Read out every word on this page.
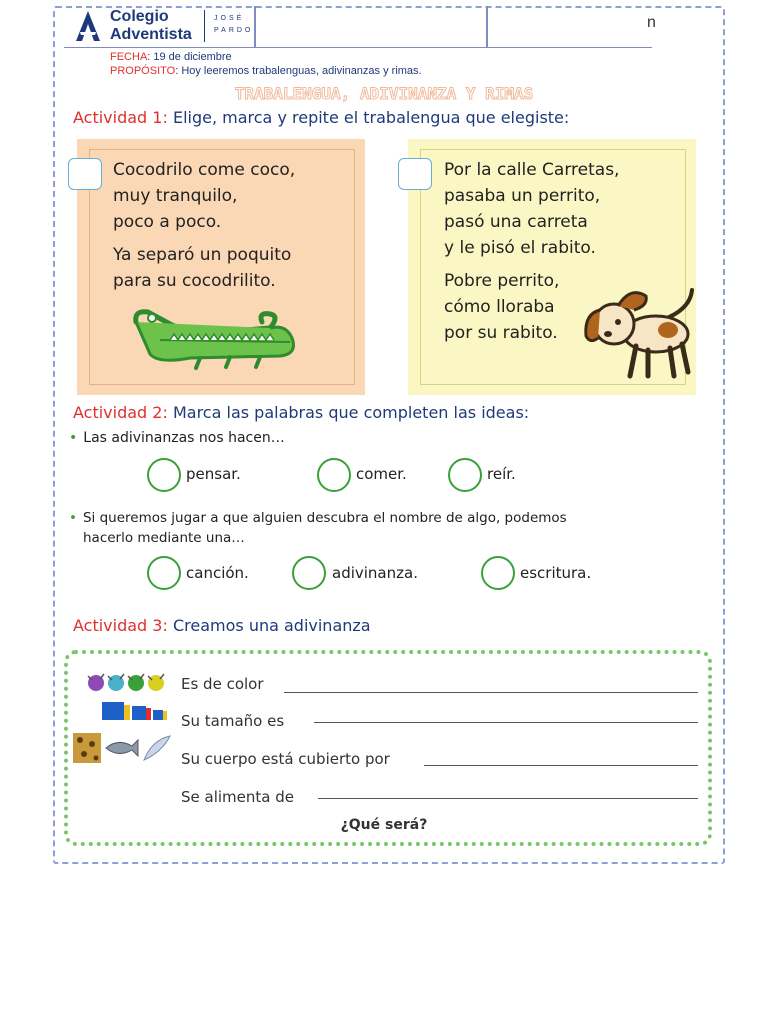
Colegio
Adventista
JOSÉ
PARDO	n
FECHA: 19 de diciembre
PROPÓSITO: Hoy leeremos trabalenguas, adivinanzas y rimas.
TRABALENGUA, ADIVINANZA Y RIMAS
Actividad 1: Elige, marca y repite el trabalengua que elegiste:
Cocodrilo come coco,
muy tranquilo,
poco a poco.
Ya separó un poquito
para su cocodrilito.
Por la calle Carretas,
pasaba un perrito,
pasó una carreta
y le pisó el rabito.
Pobre perrito,
cómo lloraba
por su rabito.
Actividad 2: Marca las palabras que completen las ideas:
• Las adivinanzas nos hacen…
pensar.	comer.	reír.
• Si queremos jugar a que alguien descubra el nombre de algo, podemos
hacerlo mediante una…
canción.	adivinanza.	escritura.
Actividad 3: Creamos una adivinanza
Es de color
Su tamaño es
Su cuerpo está cubierto por
Se alimenta de
¿Qué será?
